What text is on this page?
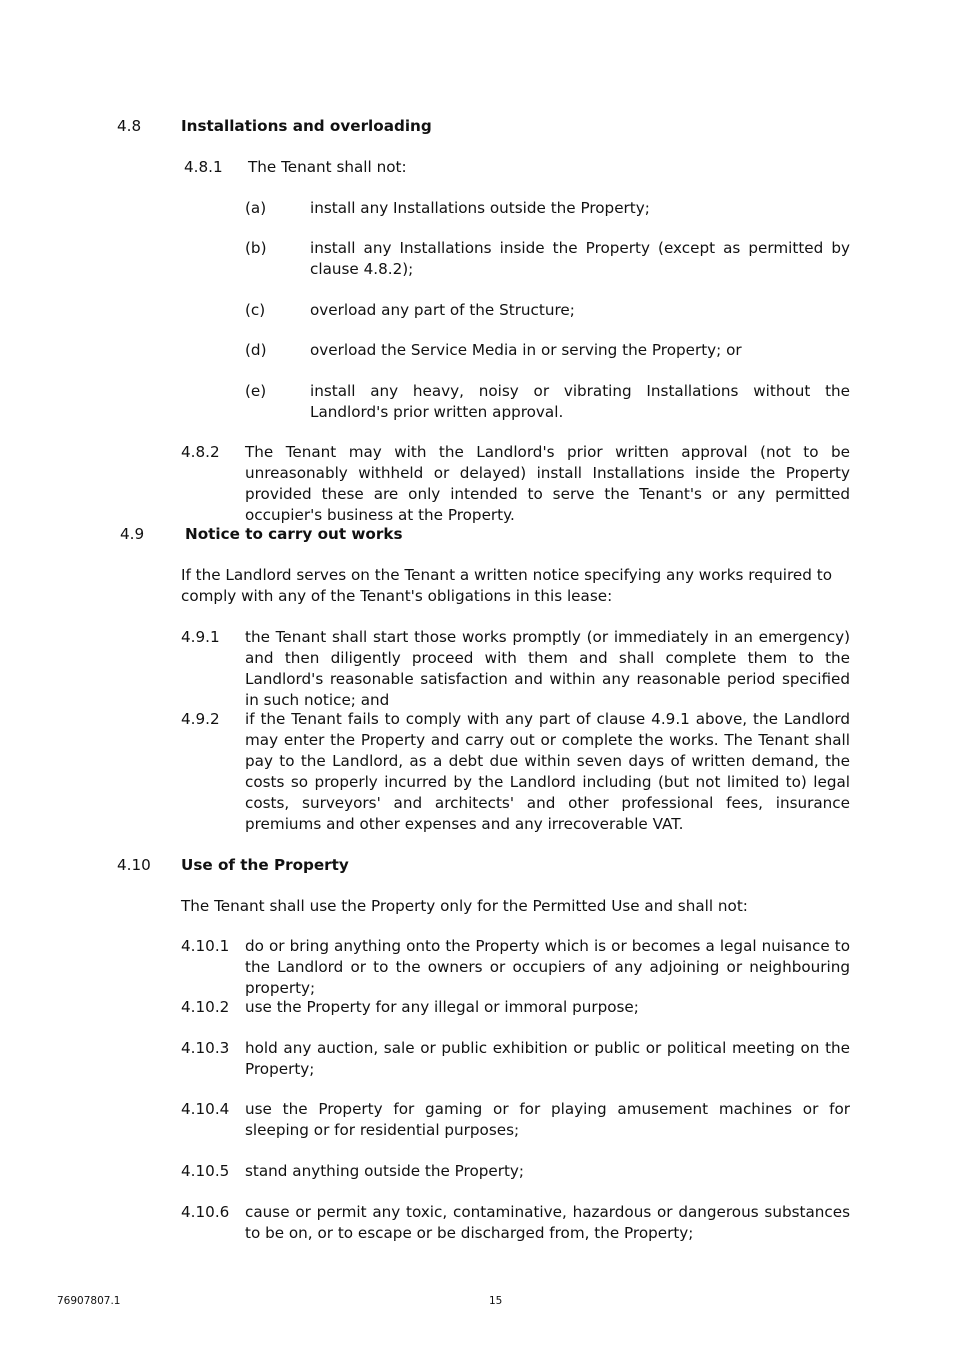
4.8	Installations and overloading
4.8.1 The Tenant shall not:
(a)	install any Installations outside the Property;
(b)	install any Installations inside the Property (except as permitted by clause 4.8.2);
(c)	overload any part of the Structure;
(d)	overload the Service Media in or serving the Property; or
(e)	install any heavy, noisy or vibrating Installations without the Landlord's prior written approval.
4.8.2 The Tenant may with the Landlord's prior written approval (not to be unreasonably withheld or delayed) install Installations inside the Property provided these are only intended to serve the Tenant's or any permitted occupier's business at the Property.
4.9	Notice to carry out works
If the Landlord serves on the Tenant a written notice specifying any works required to comply with any of the Tenant's obligations in this lease:
4.9.1 the Tenant shall start those works promptly (or immediately in an emergency) and then diligently proceed with them and shall complete them to the Landlord's reasonable satisfaction and within any reasonable period specified in such notice; and
4.9.2 if the Tenant fails to comply with any part of clause 4.9.1 above, the Landlord may enter the Property and carry out or complete the works. The Tenant shall pay to the Landlord, as a debt due within seven days of written demand, the costs so properly incurred by the Landlord including (but not limited to) legal costs, surveyors' and architects' and other professional fees, insurance premiums and other expenses and any irrecoverable VAT.
4.10 Use of the Property
The Tenant shall use the Property only for the Permitted Use and shall not:
4.10.1 do or bring anything onto the Property which is or becomes a legal nuisance to the Landlord or to the owners or occupiers of any adjoining or neighbouring property;
4.10.2 use the Property for any illegal or immoral purpose;
4.10.3 hold any auction, sale or public exhibition or public or political meeting on the Property;
4.10.4 use the Property for gaming or for playing amusement machines or for sleeping or for residential purposes;
4.10.5 stand anything outside the Property;
4.10.6 cause or permit any toxic, contaminative, hazardous or dangerous substances to be on, or to escape or be discharged from, the Property;
76907807.1	15
